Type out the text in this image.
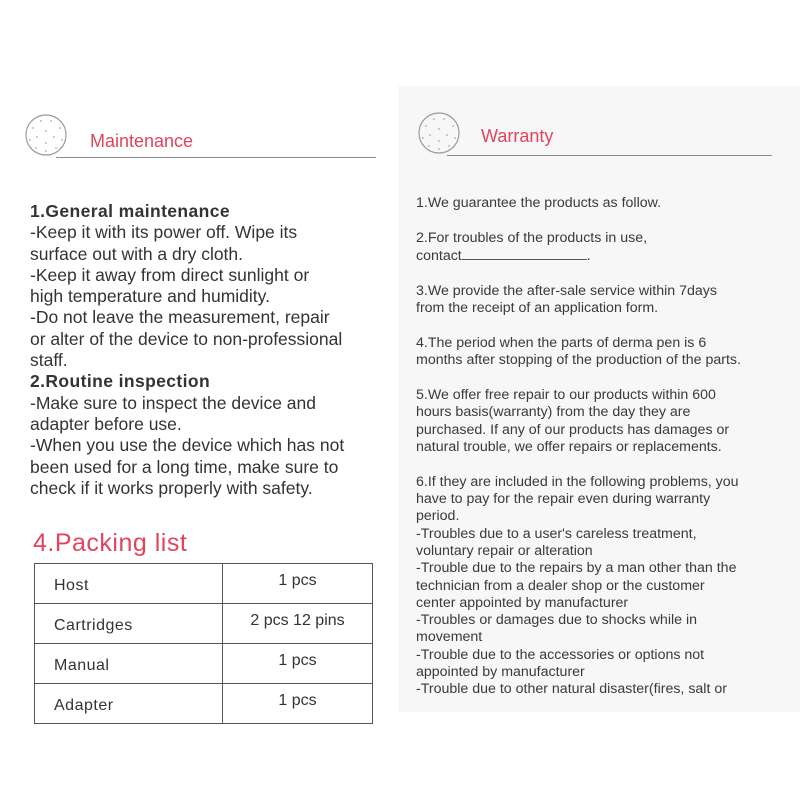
Maintenance

1.General maintenance

-Keep it with its power off. Wipe its

surface out with a dry cloth.

-Keep it away from direct sunlight or

high temperature and humidity.

-Do not leave the measurement, repair

or alter of the device to non-professional

staff.

2.Routine inspection

-Make sure to inspect the device and

adapter before use.

-When you use the device which has not

been used for a long time, make sure to

check if it works properly with safety.

4.Packing list
Host	1 pcs
Cartridges	2 pcs 12 pins
Manual	1 pcs
Adapter	1 pcs
Warranty

1.We guarantee the products as follow.

2.For troubles of the products in use,
contact	.

3.We provide the after-sale service within 7days
from the receipt of an application form.

4.The period when the parts of derma pen is 6
months after stopping of the production of the parts.

5.We offer free repair to our products within 600
hours basis(warranty) from the day they are
purchased. If any of our products has damages or
natural trouble, we offer repairs or replacements.

6.If they are included in the following problems, you
have to pay for the repair even during warranty
period.
-Troubles due to a user's careless treatment,
voluntary repair or alteration
-Trouble due to the repairs by a man other than the
technician from a dealer shop or the customer
center appointed by manufacturer
-Troubles or damages due to shocks while in
movement
-Trouble due to the accessories or options not
appointed by manufacturer
-Trouble due to other natural disaster(fires, salt or
